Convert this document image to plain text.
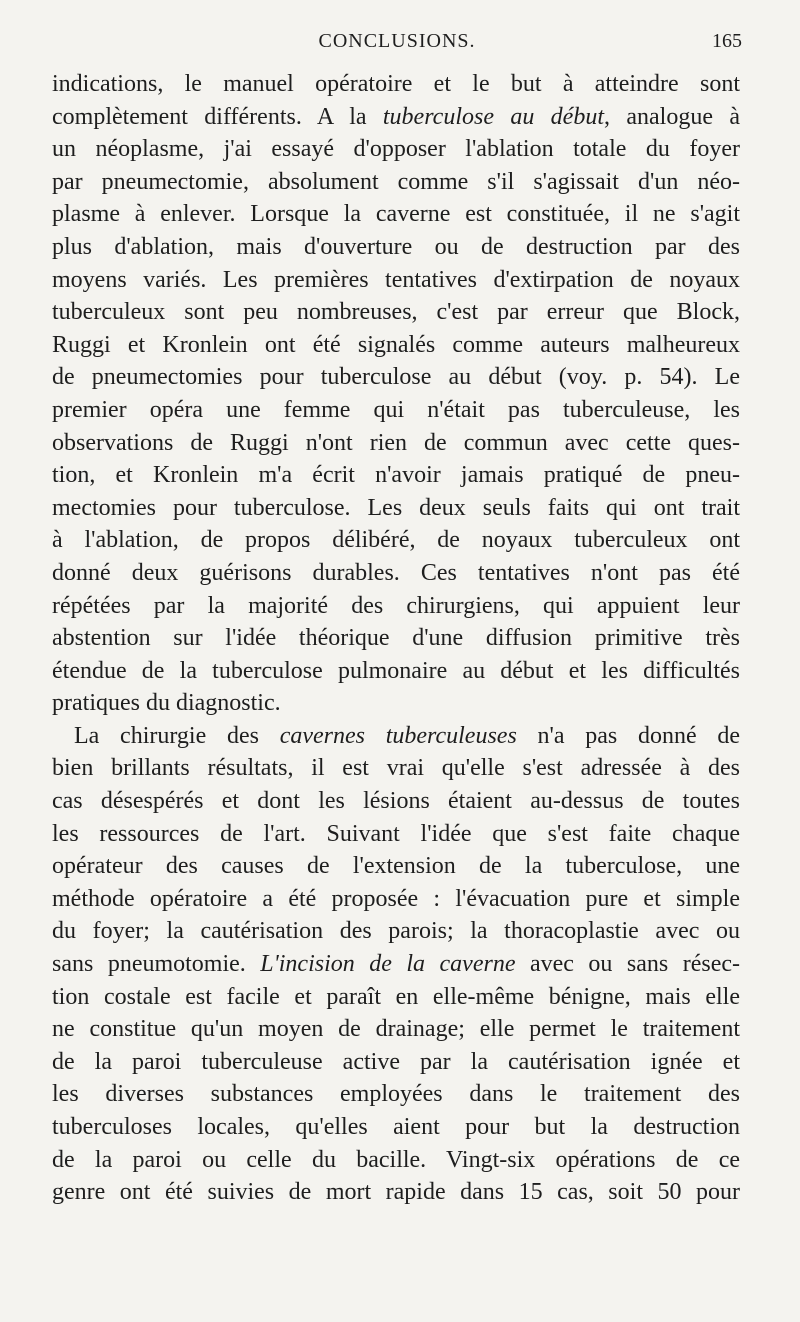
CONCLUSIONS.	165
indications, le manuel opératoire et le but à atteindre sont
complètement différents. A la tuberculose au début, analogue à
un néoplasme, j'ai essayé d'opposer l'ablation totale du foyer
par pneumectomie, absolument comme s'il s'agissait d'un néo-
plasme à enlever. Lorsque la caverne est constituée, il ne s'agit
plus d'ablation, mais d'ouverture ou de destruction par des
moyens variés. Les premières tentatives d'extirpation de noyaux
tuberculeux sont peu nombreuses, c'est par erreur que Block,
Ruggi et Kronlein ont été signalés comme auteurs malheureux
de pneumectomies pour tuberculose au début (voy. p. 54). Le
premier opéra une femme qui n'était pas tuberculeuse, les
observations de Ruggi n'ont rien de commun avec cette ques-
tion, et Kronlein m'a écrit n'avoir jamais pratiqué de pneu-
mectomies pour tuberculose. Les deux seuls faits qui ont trait
à l'ablation, de propos délibéré, de noyaux tuberculeux ont
donné deux guérisons durables. Ces tentatives n'ont pas été
répétées par la majorité des chirurgiens, qui appuient leur
abstention sur l'idée théorique d'une diffusion primitive très
étendue de la tuberculose pulmonaire au début et les difficultés
pratiques du diagnostic.
La chirurgie des cavernes tuberculeuses n'a pas donné de
bien brillants résultats, il est vrai qu'elle s'est adressée à des
cas désespérés et dont les lésions étaient au-dessus de toutes
les ressources de l'art. Suivant l'idée que s'est faite chaque
opérateur des causes de l'extension de la tuberculose, une
méthode opératoire a été proposée : l'évacuation pure et simple
du foyer; la cautérisation des parois; la thoracoplastie avec ou
sans pneumotomie. L'incision de la caverne avec ou sans résec-
tion costale est facile et paraît en elle-même bénigne, mais elle
ne constitue qu'un moyen de drainage; elle permet le traitement
de la paroi tuberculeuse active par la cautérisation ignée et
les diverses substances employées dans le traitement des
tuberculoses locales, qu'elles aient pour but la destruction
de la paroi ou celle du bacille. Vingt-six opérations de ce
genre ont été suivies de mort rapide dans 15 cas, soit 50 pour
